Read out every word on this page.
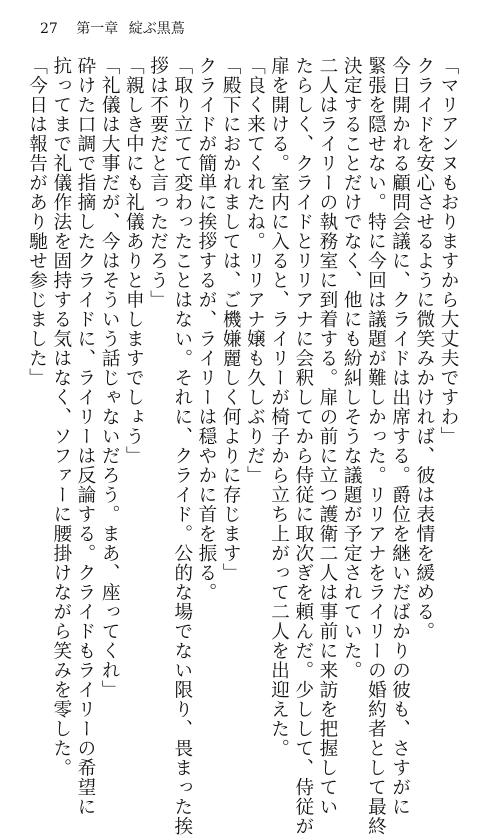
27 第一章 綻ぶ黒蔦
「マリアンヌもおりますから大丈夫ですわ」
クライドを安心させるように微笑みかければ、彼は表情を緩める。
今日開かれる顧問会議に、クライドは出席する。爵位を継いだばかりの彼も、さすがに
緊張を隠せない。特に今回は議題が難しかった。リリアナをライリーの婚約者として最終
決定することだけでなく、他にも紛糾しそうな議題が予定されていた。
二人はライリーの執務室に到着する。扉の前に立つ護衛二人は事前に来訪を把握してい
たらしく、クライドとリリアナに会釈してから侍従に取次ぎを頼んだ。少しして、侍従が
扉を開ける。室内に入ると、ライリーが椅子から立ち上がって二人を出迎えた。
「良く来てくれたね。リリアナ嬢も久しぶりだ」
「殿下におかれましては、ご機嫌麗しく何よりに存じます」
クライドが簡単に挨拶するが、ライリーは穏やかに首を振る。
「取り立てて変わったことはない。それに、クライド。公的な場でない限り、畏まった挨
拶は不要だと言っただろう」
「親しき中にも礼儀ありと申しますでしょう」
「礼儀は大事だが、今はそういう話じゃないだろう。まあ、座ってくれ」
砕けた口調で指摘したクライドに、ライリーは反論する。クライドもライリーの希望に
抗ってまで礼儀作法を固持する気はなく、ソファーに腰掛けながら笑みを零した。
「今日は報告があり馳せ参じました」
